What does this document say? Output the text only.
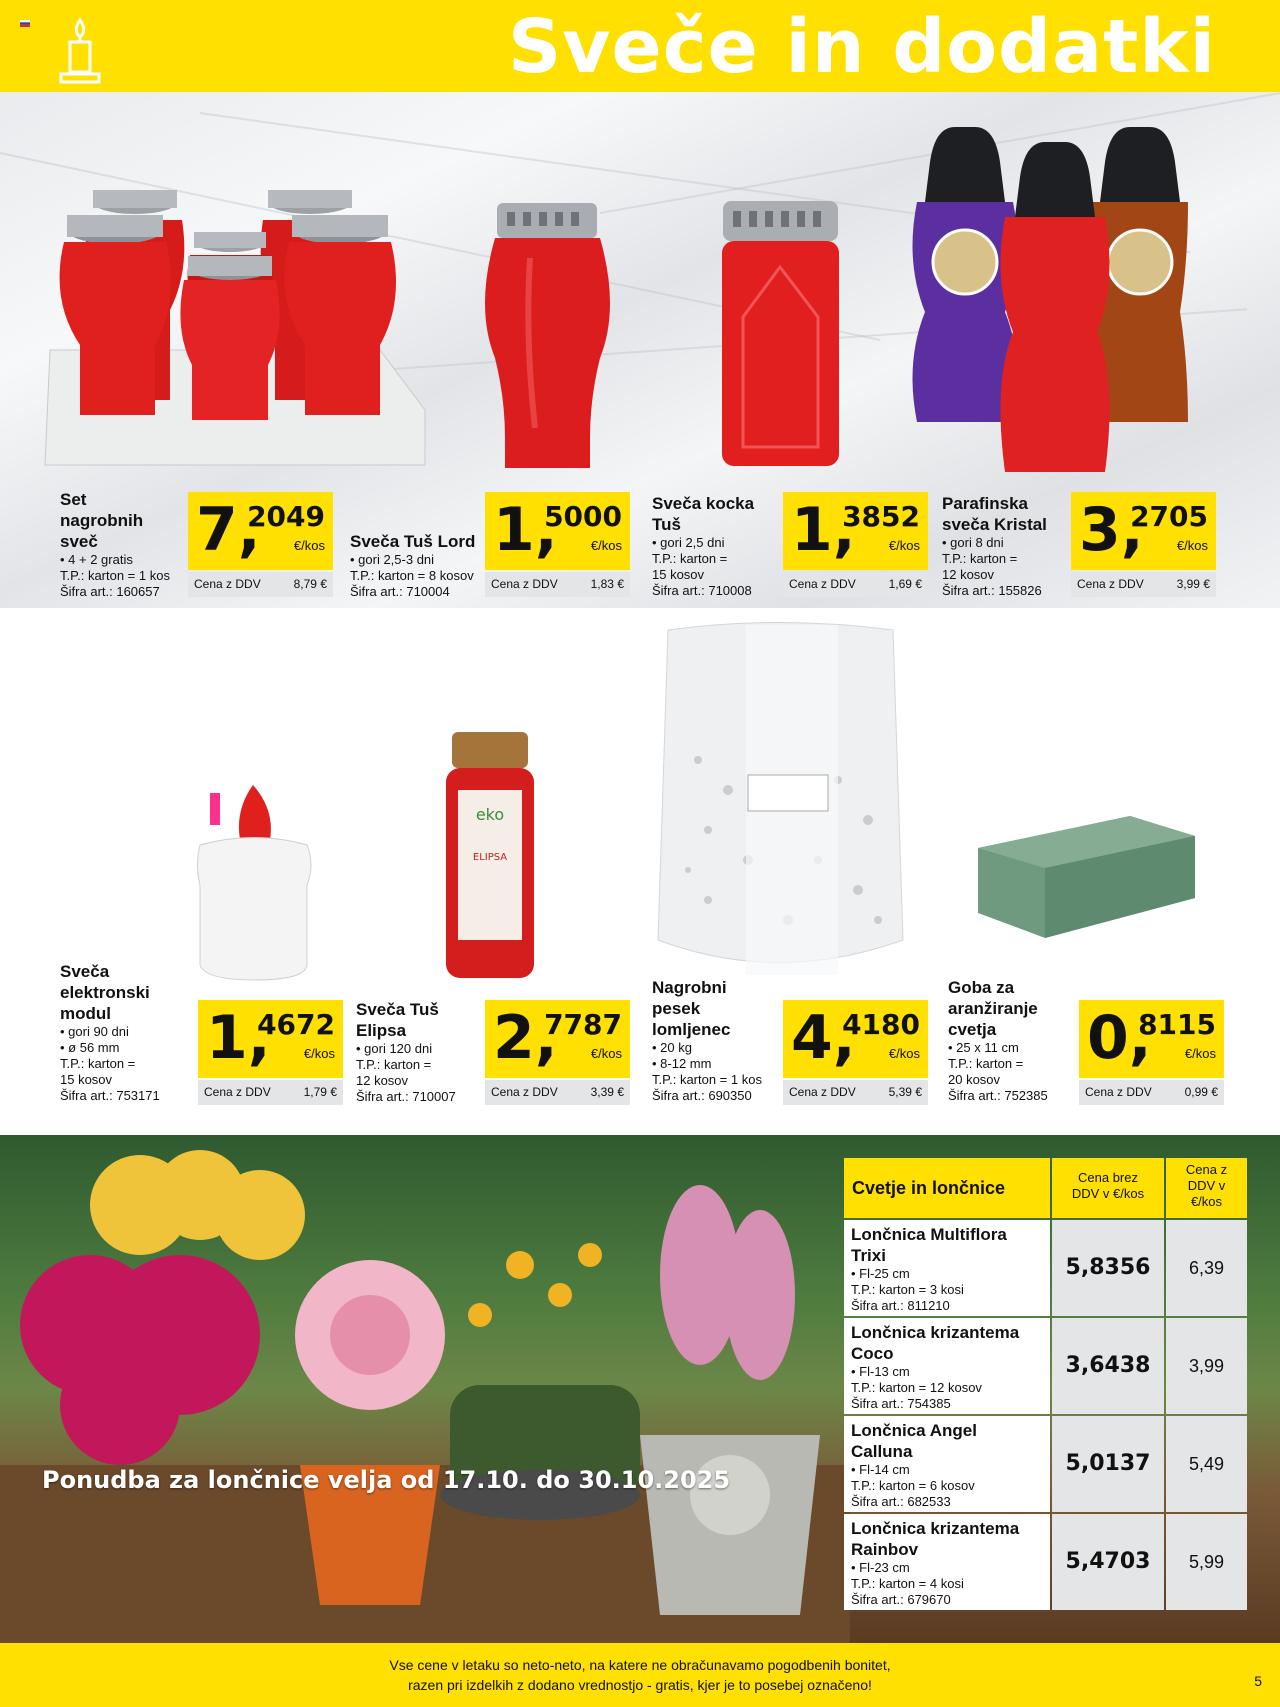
Sveče in dodatki
Set
nagrobnih
sveč
• 4 + 2 gratis
T.P.: karton = 1 kos
Šifra art.: 160657
7,
2049
€/kos
Cena z DDV	8,79 €
Sveča Tuš Lord
• gori 2,5-3 dni
T.P.: karton = 8 kosov
Šifra art.: 710004
1,
5000
€/kos
Cena z DDV	1,83 €
Sveča kocka
Tuš
• gori 2,5 dni
T.P.: karton =
15 kosov
Šifra art.: 710008
1,
3852
€/kos
Cena z DDV	1,69 €
Parafinska
sveča Kristal
• gori 8 dni
T.P.: karton =
12 kosov
Šifra art.: 155826
3,
2705
€/kos
Cena z DDV	3,99 €
eko
ELIPSA
Sveča
elektronski
modul
• gori 90 dni
• ø 56 mm
T.P.: karton =
15 kosov
Šifra art.: 753171
1,
4672
€/kos
Cena z DDV	1,79 €
Sveča Tuš
Elipsa
• gori 120 dni
T.P.: karton =
12 kosov
Šifra art.: 710007
2,
7787
€/kos
Cena z DDV	3,39 €
Nagrobni
pesek
lomljenec
• 20 kg
• 8-12 mm
T.P.: karton = 1 kos
Šifra art.: 690350
4,
4180
€/kos
Cena z DDV	5,39 €
Goba za
aranžiranje
cvetja
• 25 x 11 cm
T.P.: karton =
20 kosov
Šifra art.: 752385
0,
8115
€/kos
Cena z DDV	0,99 €
Ponudba za lončnice velja od 17.10. do 30.10.2025
Cvetje in lončnice
Cena brez
DDV v €/kos
Cena z
DDV v
€/kos
Lončnica Multiflora
Trixi
• Fl-25 cm
T.P.: karton = 3 kosi
Šifra art.: 811210
5,8356	6,39
Lončnica krizantema
Coco
• Fl-13 cm
T.P.: karton = 12 kosov
Šifra art.: 754385
3,6438	3,99
Lončnica Angel
Calluna
• Fl-14 cm
T.P.: karton = 6 kosov
Šifra art.: 682533
5,0137	5,49
Lončnica krizantema
Rainbov
• Fl-23 cm
T.P.: karton = 4 kosi
Šifra art.: 679670
5,4703	5,99
Vse cene v letaku so neto-neto, na katere ne obračunavamo pogodbenih bonitet,
razen pri izdelkih z dodano vrednostjo - gratis, kjer je to posebej označeno!	5
